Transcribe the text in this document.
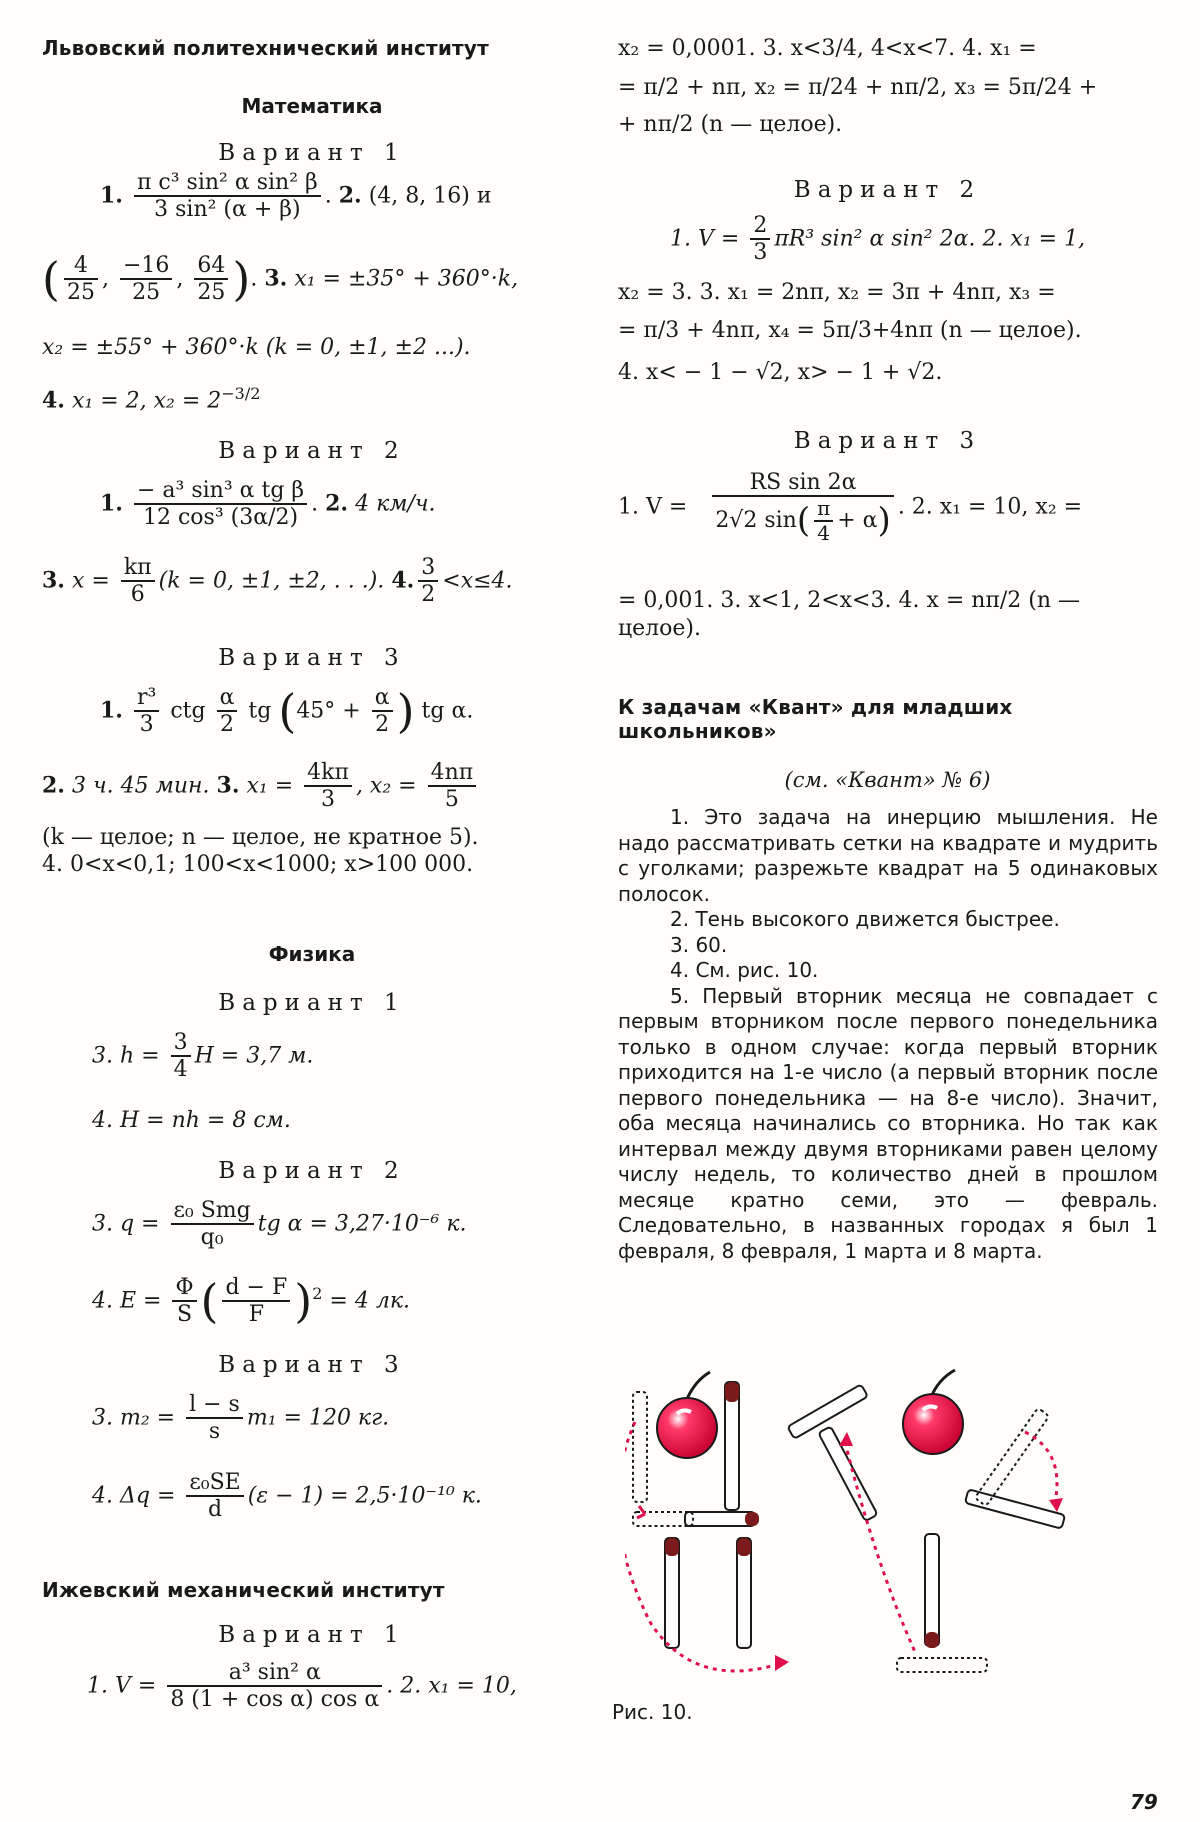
Львовский политехнический институт
Математика
Вариант 1
1. $\frac{\text{π c³ sin² α sin² β}}{\text{3 sin² (α + β)}}$ . 2. (4, 8, 16) и
( $\frac{4}{25}$ , $\frac{-16}{25}$ , $\frac{64}{25}$ ). 3. x₁ = ±35° + 360°·k,
x₂ = ±55° + 360°·k (k = 0, ±1, ±2 ...).
4. x₁ = 2, $x_2 = 2^{-3/2}$
Вариант 2
1. $\frac{\text{− a³ sin³ α tg β}}{\text{12 cos³ (3α/2)}}$ . 2. 4 км/ч.
3. $x = \frac{k\pi}{6} (k = 0$, ±1, ±2, . . .). 4. $\frac{3}{2} <x\le 4$.
Вариант 3
1. $\frac{\text{r³}}{3}$ ctg $\frac{\alpha}{2}$ tg ($45^\circ + \frac{\alpha}{2}$ ) tg α.
2. 3 ч. 45 мин. 3. $x_1 = \frac{4k\pi}{3}$ , $x_2 = \frac{4n\pi}{5}$
(k — целое; n — целое, не кратное 5).
4. 0<x<0,1; 100<x<1000; x>100 000.
Физика
Вариант 1
3. $h = \frac{3}{4}$ H = 3,7 м.
4. H = nh = 8 см.
Вариант 2
3. $q = \frac{\text{ε₀ Smg}}{\text{q₀}}$ tg α = 3,27·10⁻⁶ к.
4. $E = \frac{\Phi}{S}$ ( $\frac{d - F}{F} )^2 = 4$ лк.
Вариант 3
3. $m_2 = \frac{l - s}{s} m_1 = 120$ кг.
4. $\Delta q = \frac{\text{ε₀SE}}{d} (\varepsilon - 1) = 2,5\cdot 10^{-10}$ к.
Ижевский механический институт
Вариант 1
1. $V = \frac{\text{a³ sin² α}}{\text{8 (1 + cos α) cos α}}$ . 2. x₁ = 10,
x₂ = 0,0001. 3. x<3/4, 4<x<7. 4. x₁ =
= π/2 + nπ, x₂ = π/24 + nπ/2, x₃ = 5π/24 +
+ nπ/2 (n — целое).
Вариант 2
1. $V = \frac{2}{3} \pi R^3$ sin² α sin² 2α. 2. x₁ = 1,
x₂ = 3. 3. x₁ = 2nπ, x₂ = 3π + 4nπ, x₃ =
= π/3 + 4nπ, x₄ = 5π/3+4nπ (n — целое).
4. x< − 1 − √2, x> − 1 + √2.
Вариант 3
1. $V = \frac{\text{RS sin 2α}}{2√2 \sin( \frac{\pi}{4} + \alpha)}$ . 2. x₁ = 10, x₂ =
= 0,001. 3. x<1, 2<x<3. 4. x = nπ/2 (n —
целое).
К задачам «Квант» для младших школьников»
(см. «Квант» № 6)
1. Это задача на инерцию мышления. Не надо рассматривать сетки на квадрате и мудрить с уголками; разрежьте квадрат на 5 одинаковых полосок.
2. Тень высокого движется быстрее.
3. 60.
4. См. рис. 10.
5. Первый вторник месяца не совпадает с первым вторником после первого понедельника только в одном случае: когда первый вторник приходится на 1-е число (а первый вторник после первого понедельника — на 8-е число). Значит, оба месяца начинались со вторника. Но так как интервал между двумя вторниками равен целому числу недель, то количество дней в прошлом месяце кратно семи, это — февраль. Следовательно, в названных городах я был 1 февраля, 8 февраля, 1 марта и 8 марта.
Рис. 10.
79
